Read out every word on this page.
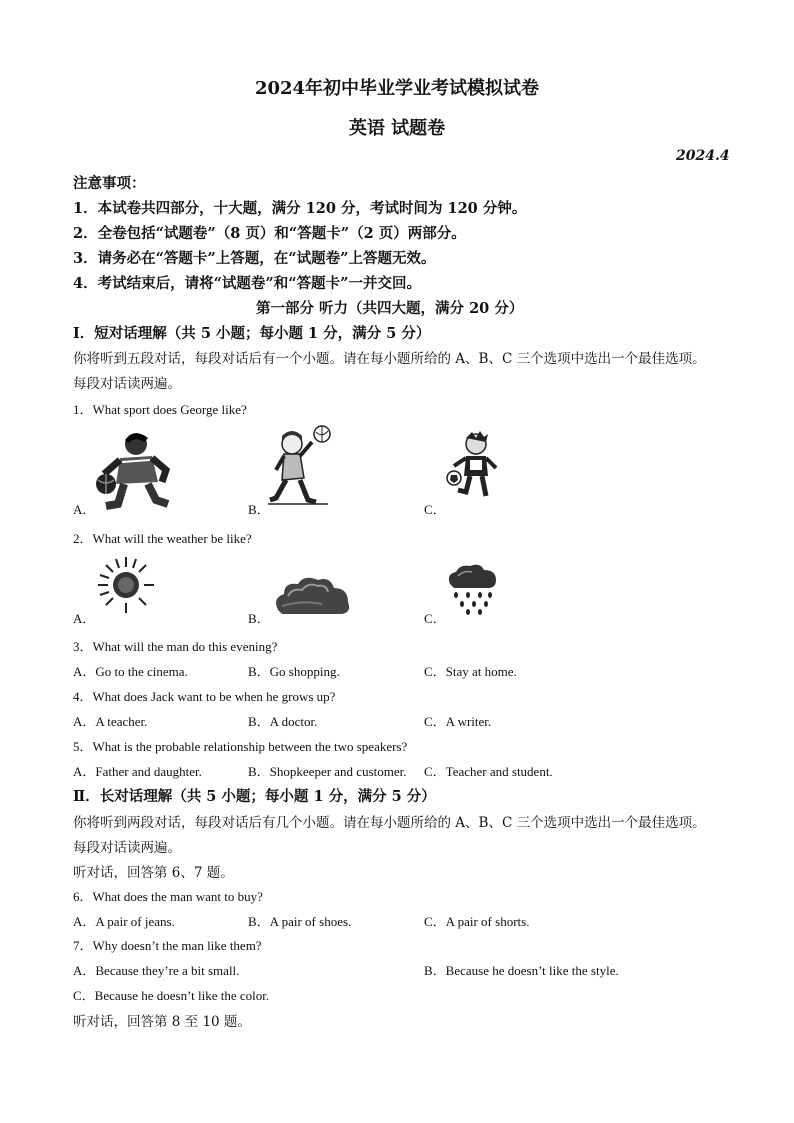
2024年初中毕业学业考试模拟试卷
英语 试题卷
2024.4
注意事项：
1．本试卷共四部分，十大题，满分 120 分，考试时间为 120 分钟。
2．全卷包括“试题卷”（8 页）和“答题卡”（2 页）两部分。
3．请务必在“答题卡”上答题，在“试题卷”上答题无效。
4．考试结束后，请将“试题卷”和“答题卡”一并交回。
第一部分 听力（共四大题，满分 20 分）
Ⅰ．短对话理解（共 5 小题；每小题 1 分，满分 5 分）
你将听到五段对话，每段对话后有一个小题。请在每小题所给的 A、B、C 三个选项中选出一个最佳选项。
每段对话读两遍。
1．What sport does George like?
A．	B．	C．
2．What will the weather be like?
A．	B．	C．
3．What will the man do this evening?
A．Go to the cinema.	B．Go shopping.	C．Stay at home.
4．What does Jack want to be when he grows up?
A．A teacher.	B．A doctor.	C．A writer.
5．What is the probable relationship between the two speakers?
A．Father and daughter.	B．Shopkeeper and customer. C．Teacher and student.
Ⅱ．长对话理解（共 5 小题；每小题 1 分，满分 5 分）
你将听到两段对话，每段对话后有几个小题。请在每小题所给的 A、B、C 三个选项中选出一个最佳选项。
每段对话读两遍。
听对话，回答第 6、7 题。
6．What does the man want to buy?
A．A pair of jeans.	B．A pair of shoes.	C．A pair of shorts.
7．Why doesn’t the man like them?
A．Because they’re a bit small.	B．Because he doesn’t like the style.
C．Because he doesn’t like the color.
听对话，回答第 8 至 10 题。
